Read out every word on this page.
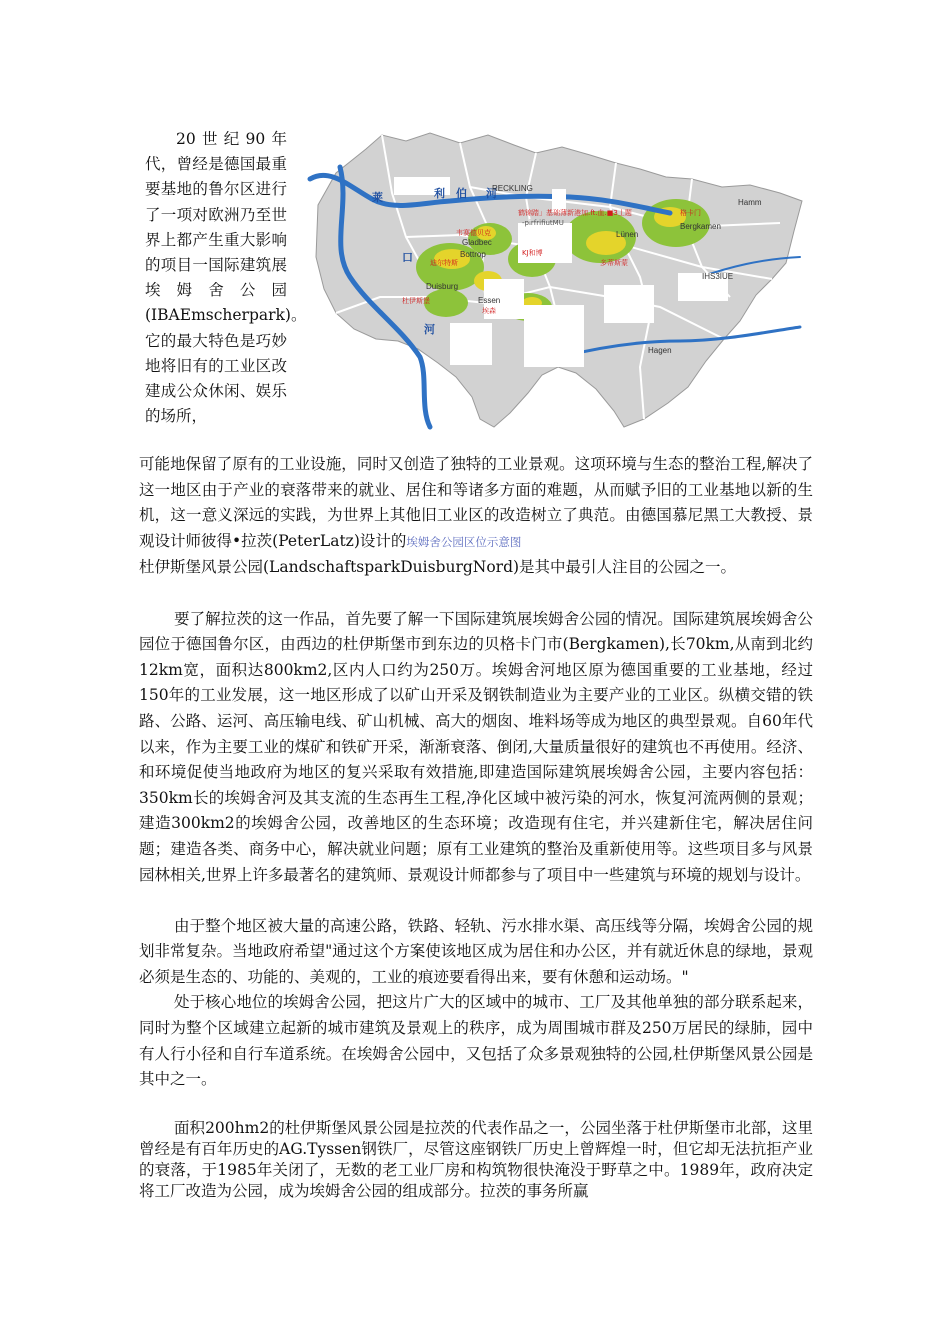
20世纪90年代，曾经是德国最重要基地的鲁尔区进行了一项对欧洲乃至世界上都产生重大影响的项目一国际建筑展埃姆舍公园(IBAEmscherpark)。它的最大特色是巧妙地将旧有的工业区改建成公众休闲、娱乐的场所，

莱	利 伯 河
口
河
RECKLING
Hamm
Bergkamen
IHS3IUE
Hagen
Gladbec
Bottrop
Duisburg
Essen
Lünen
鹤锦踏」基础薄新港加.ft.血.■3丄题
-pirfrifiutMU
格卡门
韦赛德贝克
迪尔特斯
KJ和博
杜伊斯堡
埃森
多蒂斯蒙

可能地保留了原有的工业设施，同时又创造了独特的工业景观。这项环境与生态的整治工程,解决了这一地区由于产业的衰落带来的就业、居住和等诸多方面的难题，从而赋予旧的工业基地以新的生机，这一意义深远的实践，为世界上其他旧工业区的改造树立了典范。由德国慕尼黑工大教授、景观设计师彼得•拉茨(PeterLatz)设计的埃姆舍公园区位示意图
杜伊斯堡风景公园(LandschaftsparkDuisburgNord)是其中最引人注目的公园之一。

要了解拉茨的这一作品，首先要了解一下国际建筑展埃姆舍公园的情况。国际建筑展埃姆舍公园位于德国鲁尔区，由西边的杜伊斯堡市到东边的贝格卡门市(Bergkamen),长70km,从南到北约12km宽，面积达800km2,区内人口约为250万。埃姆舍河地区原为德国重要的工业基地，经过150年的工业发展，这一地区形成了以矿山开采及钢铁制造业为主要产业的工业区。纵横交错的铁路、公路、运河、高压输电线、矿山机械、高大的烟囱、堆料场等成为地区的典型景观。自60年代以来，作为主要工业的煤矿和铁矿开采，渐渐衰落、倒闭,大量质量很好的建筑也不再使用。经济、和环境促使当地政府为地区的复兴采取有效措施,即建造国际建筑展埃姆舍公园，主要内容包括：350km长的埃姆舍河及其支流的生态再生工程,净化区域中被污染的河水，恢复河流两侧的景观；建造300km2的埃姆舍公园，改善地区的生态环境；改造现有住宅，并兴建新住宅，解决居住问题；建造各类、商务中心，解决就业问题；原有工业建筑的整治及重新使用等。这些项目多与风景园林相关,世界上许多最著名的建筑师、景观设计师都参与了项目中一些建筑与环境的规划与设计。

由于整个地区被大量的高速公路，铁路、轻轨、污水排水渠、高压线等分隔，埃姆舍公园的规划非常复杂。当地政府希望"通过这个方案使该地区成为居住和办公区，并有就近休息的绿地，景观必须是生态的、功能的、美观的，工业的痕迹要看得出来，要有休憩和运动场。"

处于核心地位的埃姆舍公园，把这片广大的区域中的城市、工厂及其他单独的部分联系起来，同时为整个区域建立起新的城市建筑及景观上的秩序，成为周围城市群及250万居民的绿肺，园中有人行小径和自行车道系统。在埃姆舍公园中，又包括了众多景观独特的公园,杜伊斯堡风景公园是其中之一。

面积200hm2的杜伊斯堡风景公园是拉茨的代表作品之一，公园坐落于杜伊斯堡市北部，这里曾经是有百年历史的AG.Tyssen钢铁厂，尽管这座钢铁厂历史上曾辉煌一时，但它却无法抗拒产业的衰落，于1985年关闭了，无数的老工业厂房和构筑物很快淹没于野草之中。1989年，政府决定将工厂改造为公园，成为埃姆舍公园的组成部分。拉茨的事务所赢
